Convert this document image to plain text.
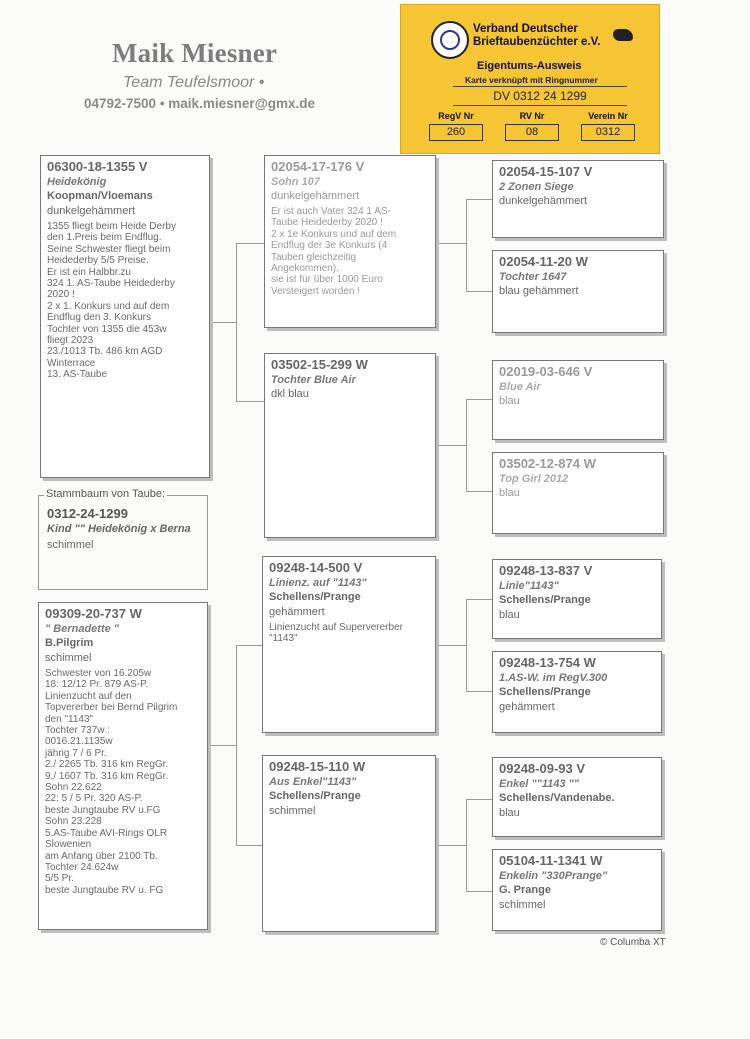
Maik Miesner
Team Teufelsmoor •
04792-7500 • maik.miesner@gmx.de
Verband Deutscher
Brieftaubenzüchter e.V.
Eigentums-Ausweis
Karte verknüpft mit Ringnummer
DV 0312 24 1299
RegV Nr
260
RV Nr
08
Verein Nr
0312
06300-18-1355 V
Heidekönig
Koopman/Vloemans
dunkelgehämmert
1355 fliegt beim Heide Derby
den 1.Preis beim Endflug.
Seine Schwester fliegt beim
Heidederby 5/5 Preise.
Er ist ein Halbbr.zu
324 1. AS-Taube Heidederby
2020 !
2 x 1. Konkurs und auf dem
Endflug den 3. Konkurs
Tochter von 1355 die 453w
fliegt 2023
23./1013 Tb. 486 km AGD
Winterrace
13. AS-Taube
0312-24-1299
Kind "" Heidekönig x Berna
schimmel
Stammbaum von Taube:
09309-20-737 W
" Bernadette "
B.Pilgrim
schimmel
Schwester von 16.205w
18: 12/12 Pr. 879 AS-P.
Linienzucht auf den
Topvererber bei Bernd Pilgrim
den "1143"
Tochter 737w :
0016.21.1135w
jährig 7 / 6 Pr.
2./ 2265 Tb. 316 km RegGr.
9./ 1607 Tb. 316 km RegGr.
Sohn 22.622
22: 5 / 5 Pr. 320 AS-P.
beste Jungtaube RV u.FG
Sohn 23.228
5.AS-Taube AVI-Rings OLR
Slowenien
am Anfang über 2100 Tb.
Tochter 24.624w
5/5 Pr.
beste Jungtaube RV u. FG
02054-17-176 V
Sohn 107
dunkelgehämmert
Er ist auch Vater 324 1 AS-
Taube Heidederby 2020 !
2 x 1e Konkurs und auf dem
Endflug der 3e Konkurs (4
Tauben gleichzeitig
Angekommen).
sie ist für über 1000 Euro
Versteigert worden !
03502-15-299 W
Tochter Blue Air
dkl blau
09248-14-500 V
Linienz. auf "1143"
Schellens/Prange
gehämmert
Linienzucht auf Supervererber
"1143"
09248-15-110 W
Aus Enkel"1143"
Schellens/Prange
schimmel
02054-15-107 V
2 Zonen Siege
dunkelgehämmert
02054-11-20 W
Tochter 1647
blau gehämmert
02019-03-646 V
Blue Air
blau
03502-12-874 W
Top Girl 2012
blau
09248-13-837 V
Linie"1143"
Schellens/Prange
blau
09248-13-754 W
1.AS-W. im RegV.300
Schellens/Prange
gehämmert
09248-09-93 V
Enkel ""1143 ""
Schellens/Vandenabe.
blau
05104-11-1341 W
Enkelin "330Prange"
G. Prange
schimmel
© Columba XT
